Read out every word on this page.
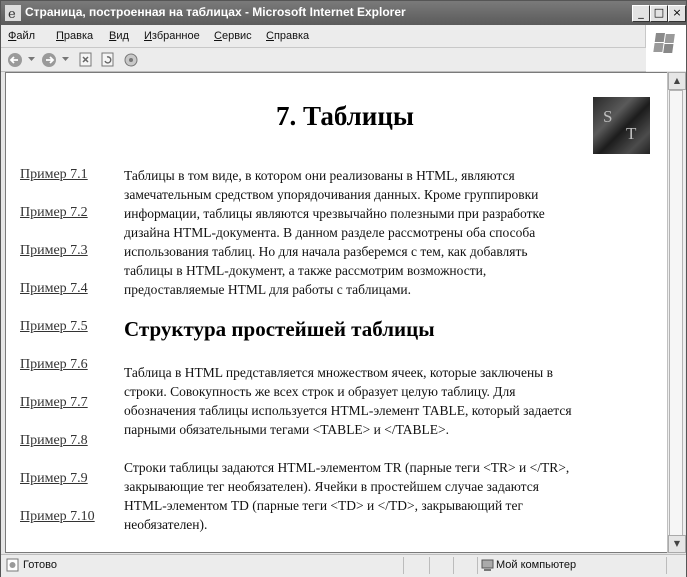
e Страница, построенная на таблицах - Microsoft Internet Explorer	_ □ ×
Файл Правка Вид Избранное Сервис Справка
7. Таблицы	S
T
Пример 7.1
Пример 7.2
Пример 7.3
Пример 7.4
Пример 7.5
Пример 7.6
Пример 7.7
Пример 7.8
Пример 7.9
Пример 7.10
Таблицы в том виде, в котором они реализованы в HTML, являются
замечательным средством упорядочивания данных. Кроме группировки
информации, таблицы являются чрезвычайно полезными при разработке
дизайна HTML-документа. В данном разделе рассмотрены оба способа
использования таблиц. Но для начала разберемся с тем, как добавлять
таблицы в HTML-документ, а также рассмотрим возможности,
предоставляемые HTML для работы с таблицами.
Структура простейшей таблицы
Таблица в HTML представляется множеством ячеек, которые заключены в
строки. Совокупность же всех строк и образует целую таблицу. Для
обозначения таблицы используется HTML-элемент TABLE, который задается
парными обязательными тегами <TABLE> и </TABLE>.
Строки таблицы задаются HTML-элементом TR (парные теги <TR> и </TR>,
закрывающие тег необязателен). Ячейки в простейшем случае задаются
HTML-элементом TD (парные теги <TD> и </TD>, закрывающий тег
необязателен).
▲
▼
Готово	Мой компьютер
